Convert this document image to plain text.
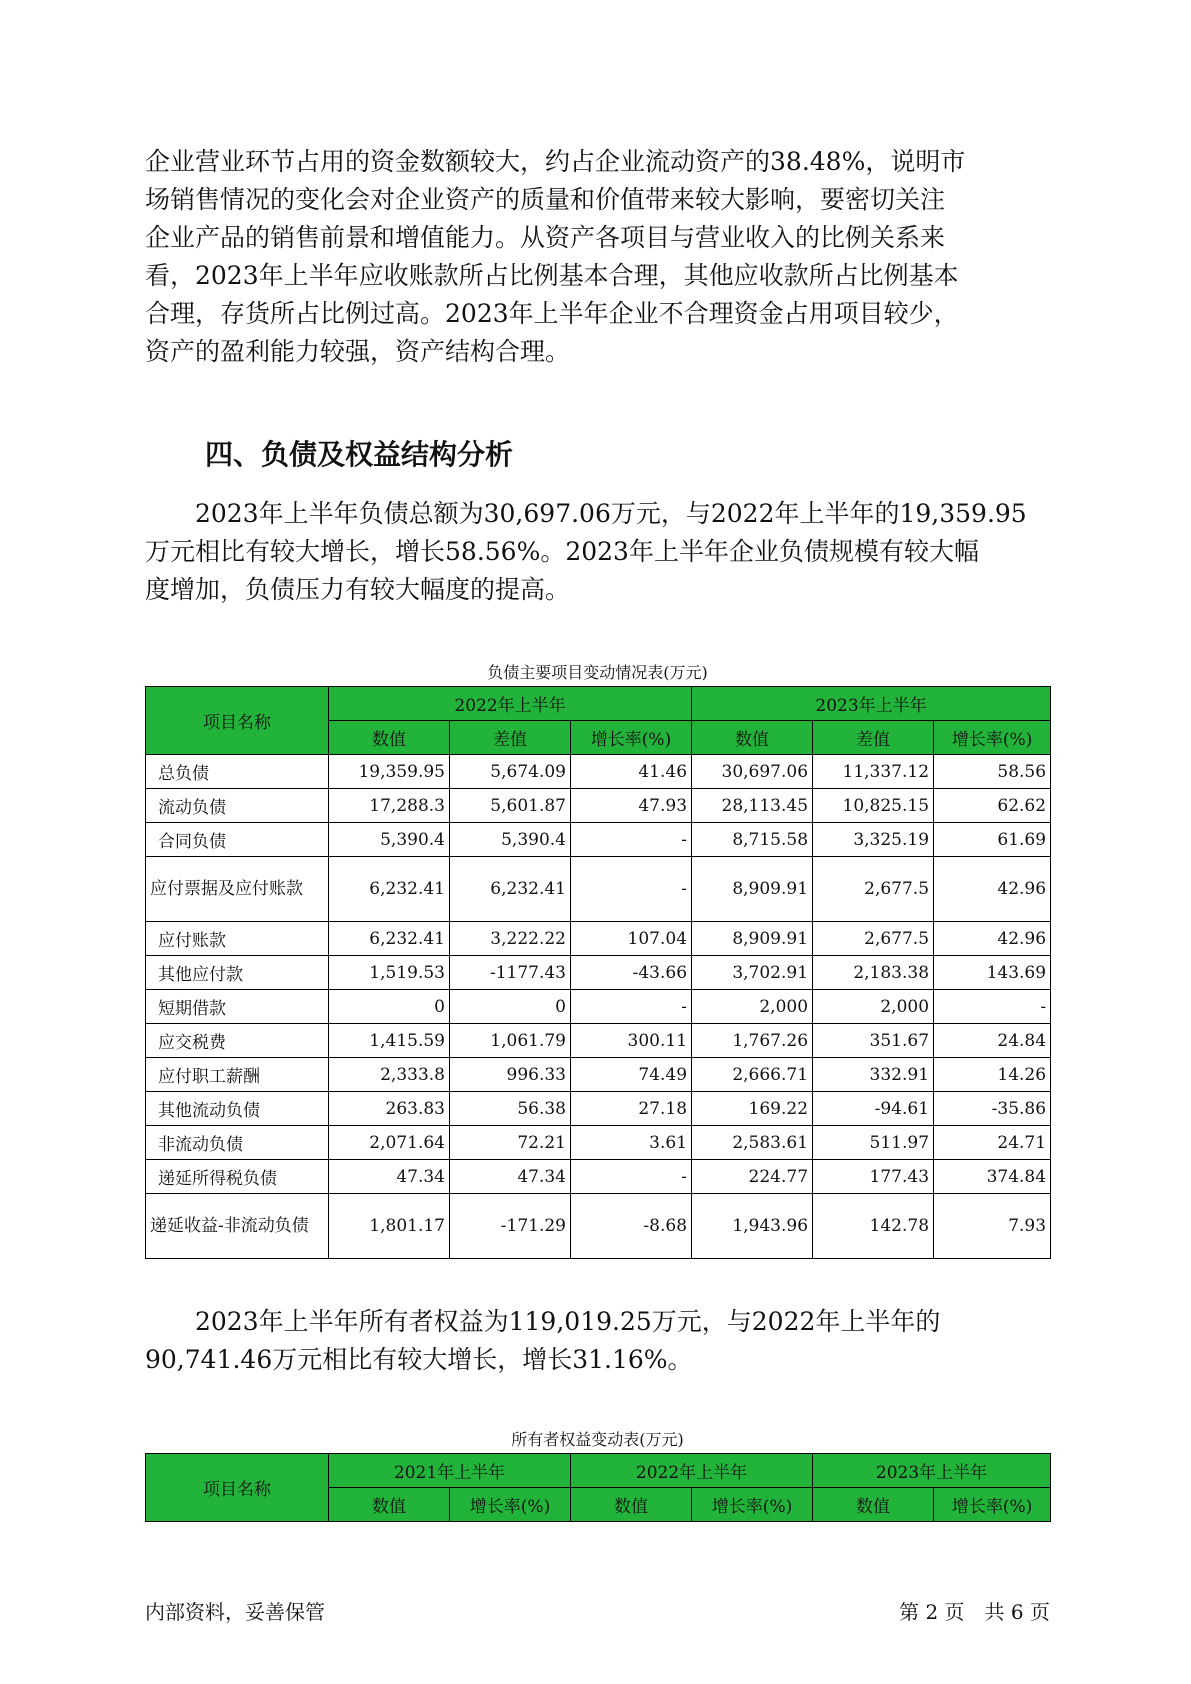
企业营业环节占用的资金数额较大，约占企业流动资产的38.48%，说明市

场销售情况的变化会对企业资产的质量和价值带来较大影响，要密切关注

企业产品的销售前景和增值能力。从资产各项目与营业收入的比例关系来

看，2023年上半年应收账款所占比例基本合理，其他应收款所占比例基本

合理，存货所占比例过高。2023年上半年企业不合理资金占用项目较少，

资产的盈利能力较强，资产结构合理。

四、负债及权益结构分析

　　2023年上半年负债总额为30,697.06万元，与2022年上半年的19,359.95

万元相比有较大增长，增长58.56%。2023年上半年企业负债规模有较大幅

度增加，负债压力有较大幅度的提高。

负债主要项目变动情况表(万元)
项目名称	2022年上半年			2023年上半年		
	数值	差值	增长率(%)	数值	差值	增长率(%)
总负债	19,359.95	5,674.09	41.46	30,697.06	11,337.12	58.56
流动负债	17,288.3	5,601.87	47.93	28,113.45	10,825.15	62.62
合同负债	5,390.4	5,390.4	-	8,715.58	3,325.19	61.69
应付票据及应付账款	6,232.41	6,232.41	-	8,909.91	2,677.5	42.96
应付账款	6,232.41	3,222.22	107.04	8,909.91	2,677.5	42.96
其他应付款	1,519.53	-1177.43	-43.66	3,702.91	2,183.38	143.69
短期借款	0	0	-	2,000	2,000	-
应交税费	1,415.59	1,061.79	300.11	1,767.26	351.67	24.84
应付职工薪酬	2,333.8	996.33	74.49	2,666.71	332.91	14.26
其他流动负债	263.83	56.38	27.18	169.22	-94.61	-35.86
非流动负债	2,071.64	72.21	3.61	2,583.61	511.97	24.71
递延所得税负债	47.34	47.34	-	224.77	177.43	374.84
递延收益-非流动负债	1,801.17	-171.29	-8.68	1,943.96	142.78	7.93

　　2023年上半年所有者权益为119,019.25万元，与2022年上半年的

90,741.46万元相比有较大增长，增长31.16%。

所有者权益变动表(万元)
项目名称	2021年上半年		2022年上半年		2023年上半年	
	数值	增长率(%)	数值	增长率(%)	数值	增长率(%)
内部资料，妥善保管	第 2 页　共 6 页
